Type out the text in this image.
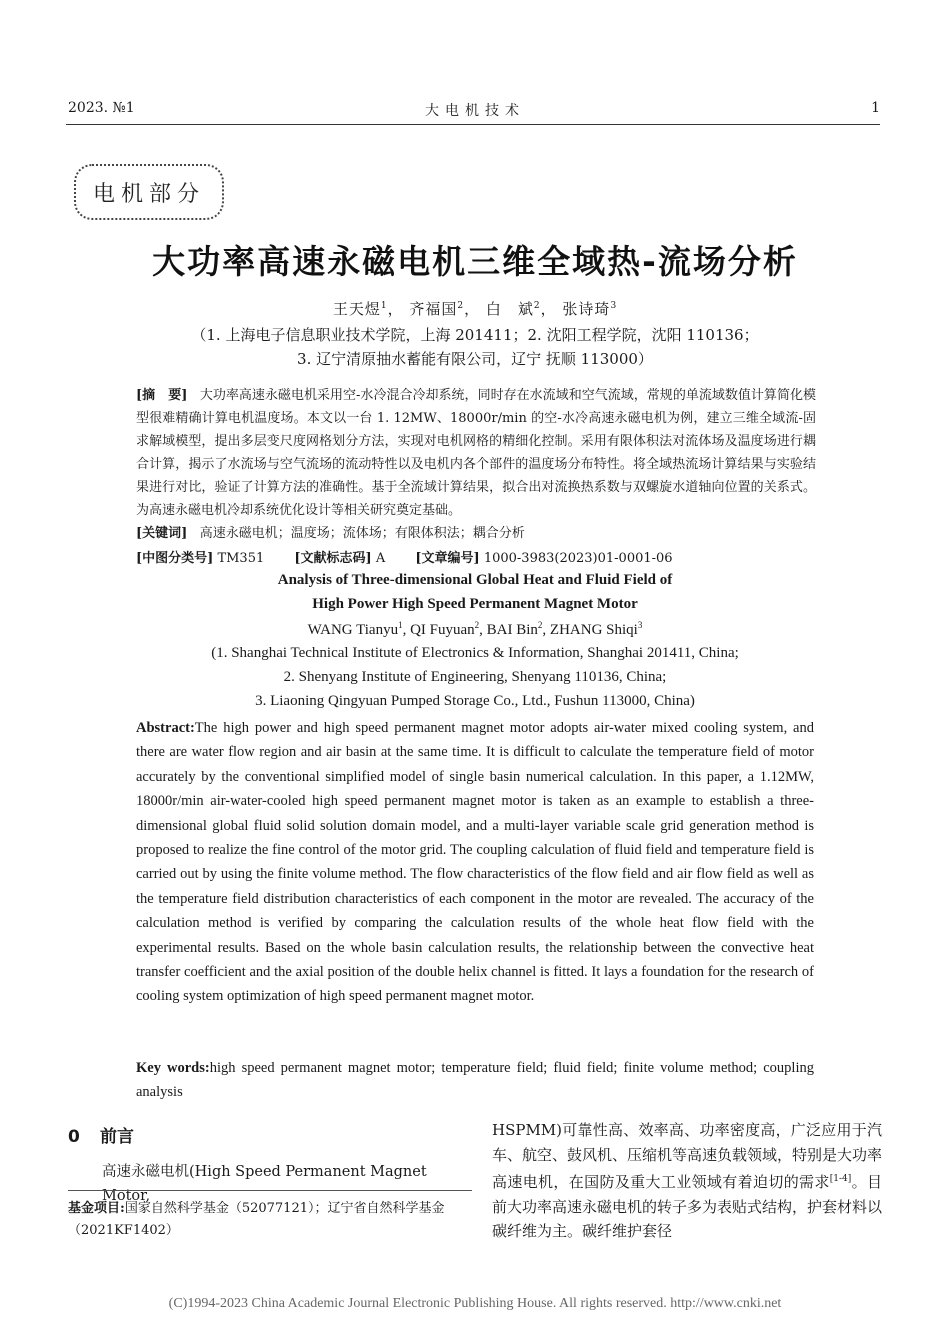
2023. №1	大电机技术	1
电机部分
大功率高速永磁电机三维全域热-流场分析
王天煜$^1$， 齐福国$^2$， 白　斌$^2$， 张诗琦$^3$
（1. 上海电子信息职业技术学院，上海 201411；2. 沈阳工程学院，沈阳 110136；
3. 辽宁清原抽水蓄能有限公司，辽宁 抚顺 113000）
[摘　要] 大功率高速永磁电机采用空-水冷混合冷却系统，同时存在水流域和空气流域，常规的单流域数值计算简化模型很难精确计算电机温度场。本文以一台 1. 12MW、18000r/min 的空-水冷高速永磁电机为例，建立三维全域流-固求解域模型，提出多层变尺度网格划分方法，实现对电机网格的精细化控制。采用有限体积法对流体场及温度场进行耦合计算，揭示了水流场与空气流场的流动特性以及电机内各个部件的温度场分布特性。将全域热流场计算结果与实验结果进行对比，验证了计算方法的准确性。基于全流域计算结果，拟合出对流换热系数与双螺旋水道轴向位置的关系式。为高速永磁电机冷却系统优化设计等相关研究奠定基础。
[关键词] 高速永磁电机；温度场；流体场；有限体积法；耦合分析
[中图分类号] TM351 [文献标志码] A [文章编号] 1000-3983(2023)01-0001-06
Analysis of Three-dimensional Global Heat and Fluid Field of
High Power High Speed Permanent Magnet Motor
WANG Tianyu$^1$, QI Fuyuan$^2$, BAI Bin$^2$, ZHANG Shiqi$^3$
(1. Shanghai Technical Institute of Electronics & Information, Shanghai 201411, China;
2. Shenyang Institute of Engineering, Shenyang 110136, China;
3. Liaoning Qingyuan Pumped Storage Co., Ltd., Fushun 113000, China)
Abstract:The high power and high speed permanent magnet motor adopts air-water mixed cooling system, and there are water flow region and air basin at the same time. It is difficult to calculate the temperature field of motor accurately by the conventional simplified model of single basin numerical calculation. In this paper, a 1.12MW, 18000r/min air-water-cooled high speed permanent magnet motor is taken as an example to establish a three-dimensional global fluid solid solution domain model, and a multi-layer variable scale grid generation method is proposed to realize the fine control of the motor grid. The coupling calculation of fluid field and temperature field is carried out by using the finite volume method. The flow characteristics of the flow field and air flow field as well as the temperature field distribution characteristics of each component in the motor are revealed. The accuracy of the calculation method is verified by comparing the calculation results of the whole heat flow field with the experimental results. Based on the whole basin calculation results, the relationship between the convective heat transfer coefficient and the axial position of the double helix channel is fitted. It lays a foundation for the research of cooling system optimization of high speed permanent magnet motor.
Key words:high speed permanent magnet motor; temperature field; fluid field; finite volume method; coupling analysis
0 前言
高速永磁电机(High Speed Permanent Magnet Motor,
基金项目:国家自然科学基金（52077121）；辽宁省自然科学基金（2021KF1402）
HSPMM)可靠性高、效率高、功率密度高，广泛应用于汽车、航空、鼓风机、压缩机等高速负载领域，特别是大功率高速电机，在国防及重大工业领域有着迫切的需求[1-4]。目前大功率高速永磁电机的转子多为表贴式结构，护套材料以碳纤维为主。碳纤维护套径
(C)1994-2023 China Academic Journal Electronic Publishing House. All rights reserved. http://www.cnki.net
